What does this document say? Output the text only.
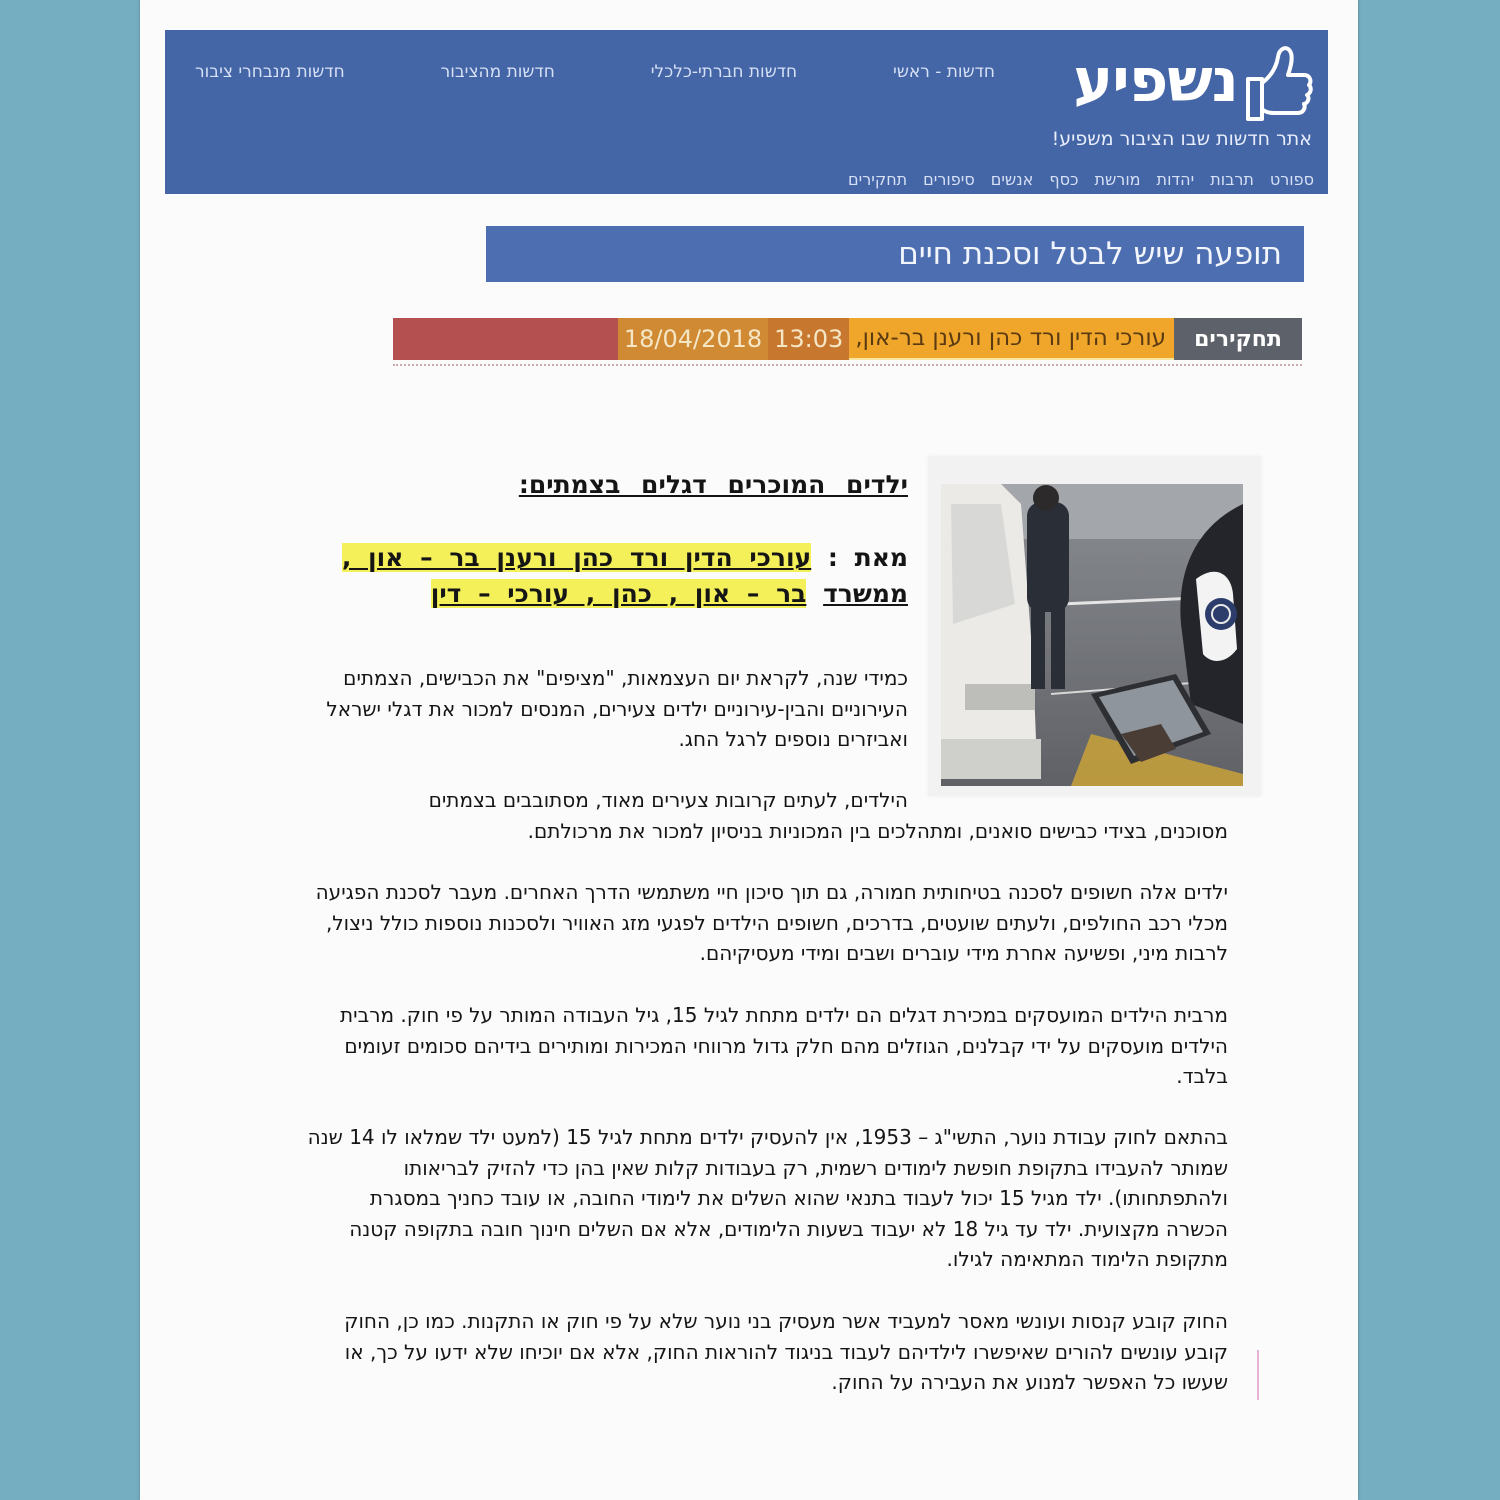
נשפיע
אתר חדשות שבו הציבור משפיע!
חדשות - ראשי
חדשות חברתי-כלכלי
חדשות מהציבור
חדשות מנבחרי ציבור
ספורט
תרבות
יהדות
מורשת
כסף
אנשים
סיפורים
תחקירים
תופעה שיש לבטל וסכנת חיים
תחקירים
עורכי הדין ורד כהן ורענן בר-און,
13:03
18/04/2018
ילדים המוכרים דגלים בצמתים:
מאת : עורכי הדין ורד כהן ורענן בר – און ,
ממשרד בר – און , כהן , עורכי – דין
כמידי שנה, לקראת יום העצמאות, "מציפים" את הכבישים, הצמתים העירוניים והבין-עירוניים ילדים צעירים, המנסים למכור את דגלי ישראל ואביזרים נוספים לרגל החג.
הילדים, לעתים קרובות צעירים מאוד, מסתובבים בצמתים
מסוכנים, בצידי כבישים סואנים, ומתהלכים בין המכוניות בניסיון למכור את מרכולתם.
ילדים אלה חשופים לסכנה בטיחותית חמורה, גם תוך סיכון חיי משתמשי הדרך האחרים. מעבר לסכנת הפגיעה מכלי רכב החולפים, ולעתים שועטים, בדרכים, חשופים הילדים לפגעי מזג האוויר ולסכנות נוספות כולל ניצול, לרבות מיני, ופשיעה אחרת מידי עוברים ושבים ומידי מעסיקיהם.
מרבית הילדים המועסקים במכירת דגלים הם ילדים מתחת לגיל 15, גיל העבודה המותר על פי חוק. מרבית הילדים מועסקים על ידי קבלנים, הגוזלים מהם חלק גדול מרווחי המכירות ומותירים בידיהם סכומים זעומים בלבד.
בהתאם לחוק עבודת נוער, התשי"ג – 1953, אין להעסיק ילדים מתחת לגיל 15 (למעט ילד שמלאו לו 14 שנה שמותר להעבידו בתקופת חופשת לימודים רשמית, רק בעבודות קלות שאין בהן כדי להזיק לבריאותו ולהתפתחותו). ילד מגיל 15 יכול לעבוד בתנאי שהוא השלים את לימודי החובה, או עובד כחניך במסגרת הכשרה מקצועית. ילד עד גיל 18 לא יעבוד בשעות הלימודים, אלא אם השלים חינוך חובה בתקופה קטנה מתקופת הלימוד המתאימה לגילו.
החוק קובע קנסות ועונשי מאסר למעביד אשר מעסיק בני נוער שלא על פי חוק או התקנות. כמו כן, החוק קובע עונשים להורים שאיפשרו לילדיהם לעבוד בניגוד להוראות החוק, אלא אם יוכיחו שלא ידעו על כך, או שעשו כל האפשר למנוע את העבירה על החוק.
